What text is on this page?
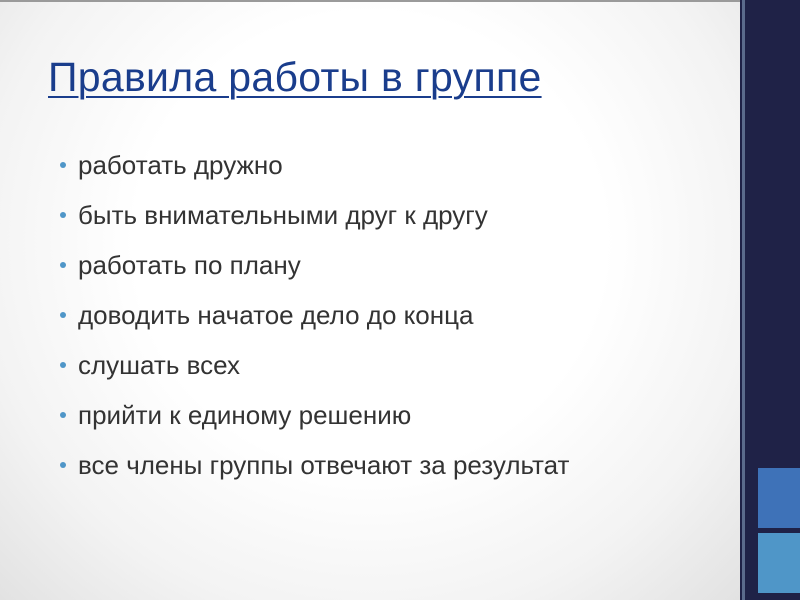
Правила работы в группе
работать дружно
быть внимательными друг к другу
работать по плану
доводить начатое дело до конца
слушать всех
прийти к единому решению
все члены группы отвечают за результат
